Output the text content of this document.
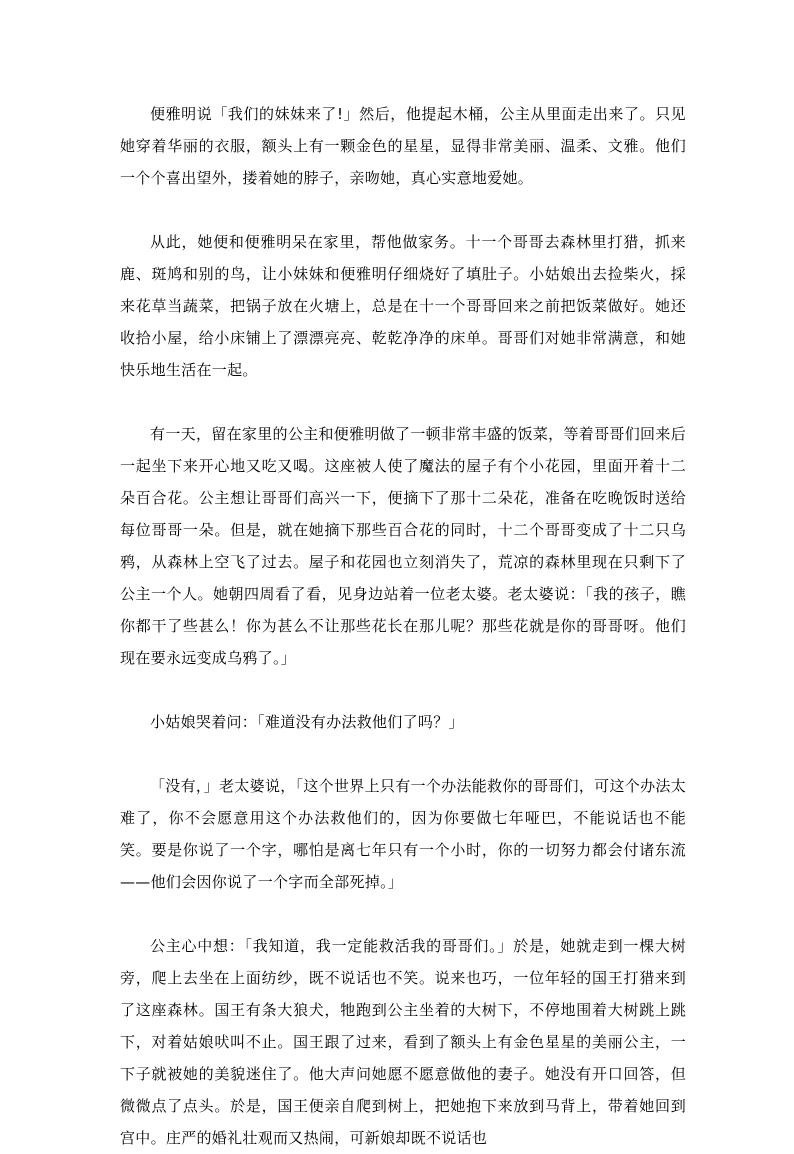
便雅明说「我们的妹妹来了!」然后，他提起木桶，公主从里面走出来了。只见她穿着华丽的衣服，额头上有一颗金色的星星，显得非常美丽、温柔、文雅。他们一个个喜出望外，搂着她的脖子，亲吻她，真心实意地爱她。

从此，她便和便雅明呆在家里，帮他做家务。十一个哥哥去森林里打猎，抓来鹿、斑鸠和别的鸟，让小妹妹和便雅明仔细烧好了填肚子。小姑娘出去捡柴火，採来花草当蔬菜，把锅子放在火塘上，总是在十一个哥哥回来之前把饭菜做好。她还收拾小屋，给小床铺上了漂漂亮亮、乾乾净净的床单。哥哥们对她非常满意，和她快乐地生活在一起。

有一天，留在家里的公主和便雅明做了一顿非常丰盛的饭菜，等着哥哥们回来后一起坐下来开心地又吃又喝。这座被人使了魔法的屋子有个小花园，里面开着十二朵百合花。公主想让哥哥们高兴一下，便摘下了那十二朵花，准备在吃晚饭时送给每位哥哥一朵。但是，就在她摘下那些百合花的同时，十二个哥哥变成了十二只乌鸦，从森林上空飞了过去。屋子和花园也立刻消失了，荒凉的森林里现在只剩下了公主一个人。她朝四周看了看，见身边站着一位老太婆。老太婆说：「我的孩子，瞧你都干了些甚么！你为甚么不让那些花长在那儿呢？那些花就是你的哥哥呀。他们现在要永远变成乌鸦了。」

小姑娘哭着问：「难道没有办法救他们了吗？」

「没有，」老太婆说，「这个世界上只有一个办法能救你的哥哥们，可这个办法太难了，你不会愿意用这个办法救他们的，因为你要做七年哑巴，不能说话也不能笑。要是你说了一个字，哪怕是离七年只有一个小时，你的一切努力都会付诸东流——他们会因你说了一个字而全部死掉。」

公主心中想：「我知道，我一定能救活我的哥哥们。」於是，她就走到一棵大树旁，爬上去坐在上面纺纱，既不说话也不笑。说来也巧，一位年轻的国王打猎来到了这座森林。国王有条大狼犬，牠跑到公主坐着的大树下，不停地围着大树跳上跳下，对着姑娘吠叫不止。国王跟了过来，看到了额头上有金色星星的美丽公主，一下子就被她的美貌迷住了。他大声问她愿不愿意做他的妻子。她没有开口回答，但微微点了点头。於是，国王便亲自爬到树上，把她抱下来放到马背上，带着她回到宫中。庄严的婚礼壮观而又热闹，可新娘却既不说话也
